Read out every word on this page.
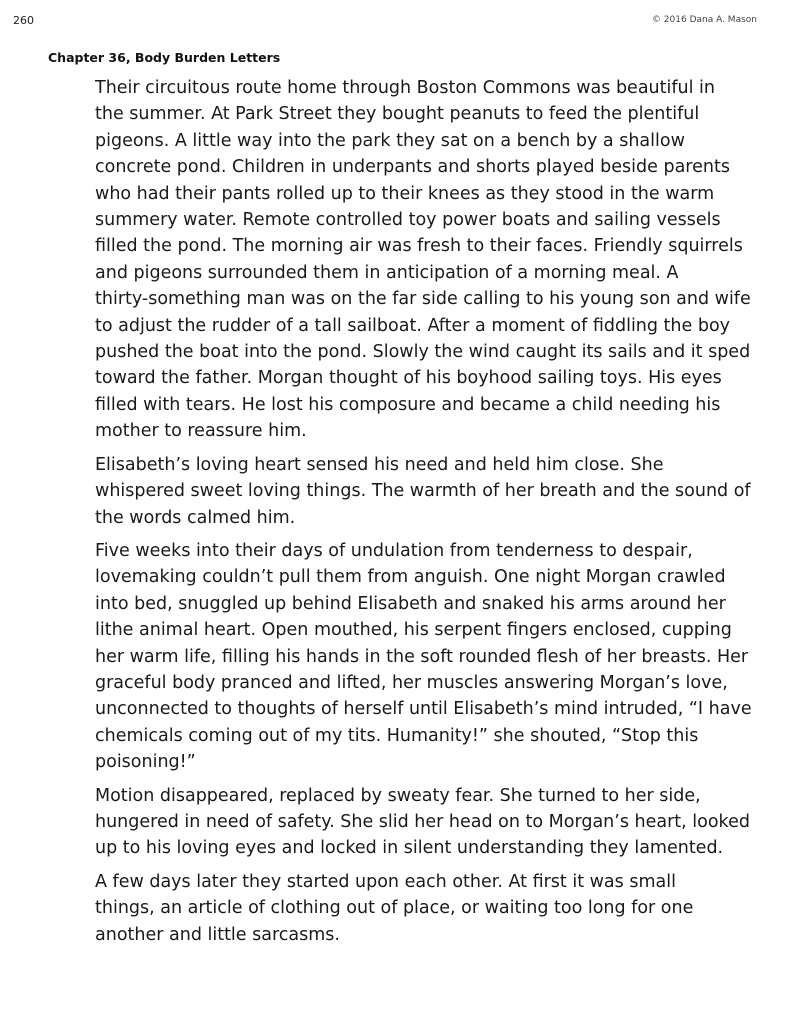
260	© 2016 Dana A. Mason
Chapter 36, Body Burden Letters

Their circuitous route home through Boston Commons was beautiful in
the summer. At Park Street they bought peanuts to feed the plentiful
pigeons. A little way into the park they sat on a bench by a shallow
concrete pond. Children in underpants and shorts played beside parents
who had their pants rolled up to their knees as they stood in the warm
summery water. Remote controlled toy power boats and sailing vessels
filled the pond. The morning air was fresh to their faces. Friendly squirrels
and pigeons surrounded them in anticipation of a morning meal. A
thirty-something man was on the far side calling to his young son and wife
to adjust the rudder of a tall sailboat. After a moment of fiddling the boy
pushed the boat into the pond. Slowly the wind caught its sails and it sped
toward the father. Morgan thought of his boyhood sailing toys. His eyes
filled with tears. He lost his composure and became a child needing his
mother to reassure him.

Elisabeth’s loving heart sensed his need and held him close. She
whispered sweet loving things. The warmth of her breath and the sound of
the words calmed him.

Five weeks into their days of undulation from tenderness to despair,
lovemaking couldn’t pull them from anguish. One night Morgan crawled
into bed, snuggled up behind Elisabeth and snaked his arms around her
lithe animal heart. Open mouthed, his serpent fingers enclosed, cupping
her warm life, filling his hands in the soft rounded flesh of her breasts. Her
graceful body pranced and lifted, her muscles answering Morgan’s love,
unconnected to thoughts of herself until Elisabeth’s mind intruded, “I have
chemicals coming out of my tits. Humanity!” she shouted, “Stop this
poisoning!”

Motion disappeared, replaced by sweaty fear. She turned to her side,
hungered in need of safety. She slid her head on to Morgan’s heart, looked
up to his loving eyes and locked in silent understanding they lamented.

A few days later they started upon each other. At first it was small
things, an article of clothing out of place, or waiting too long for one
another and little sarcasms.
